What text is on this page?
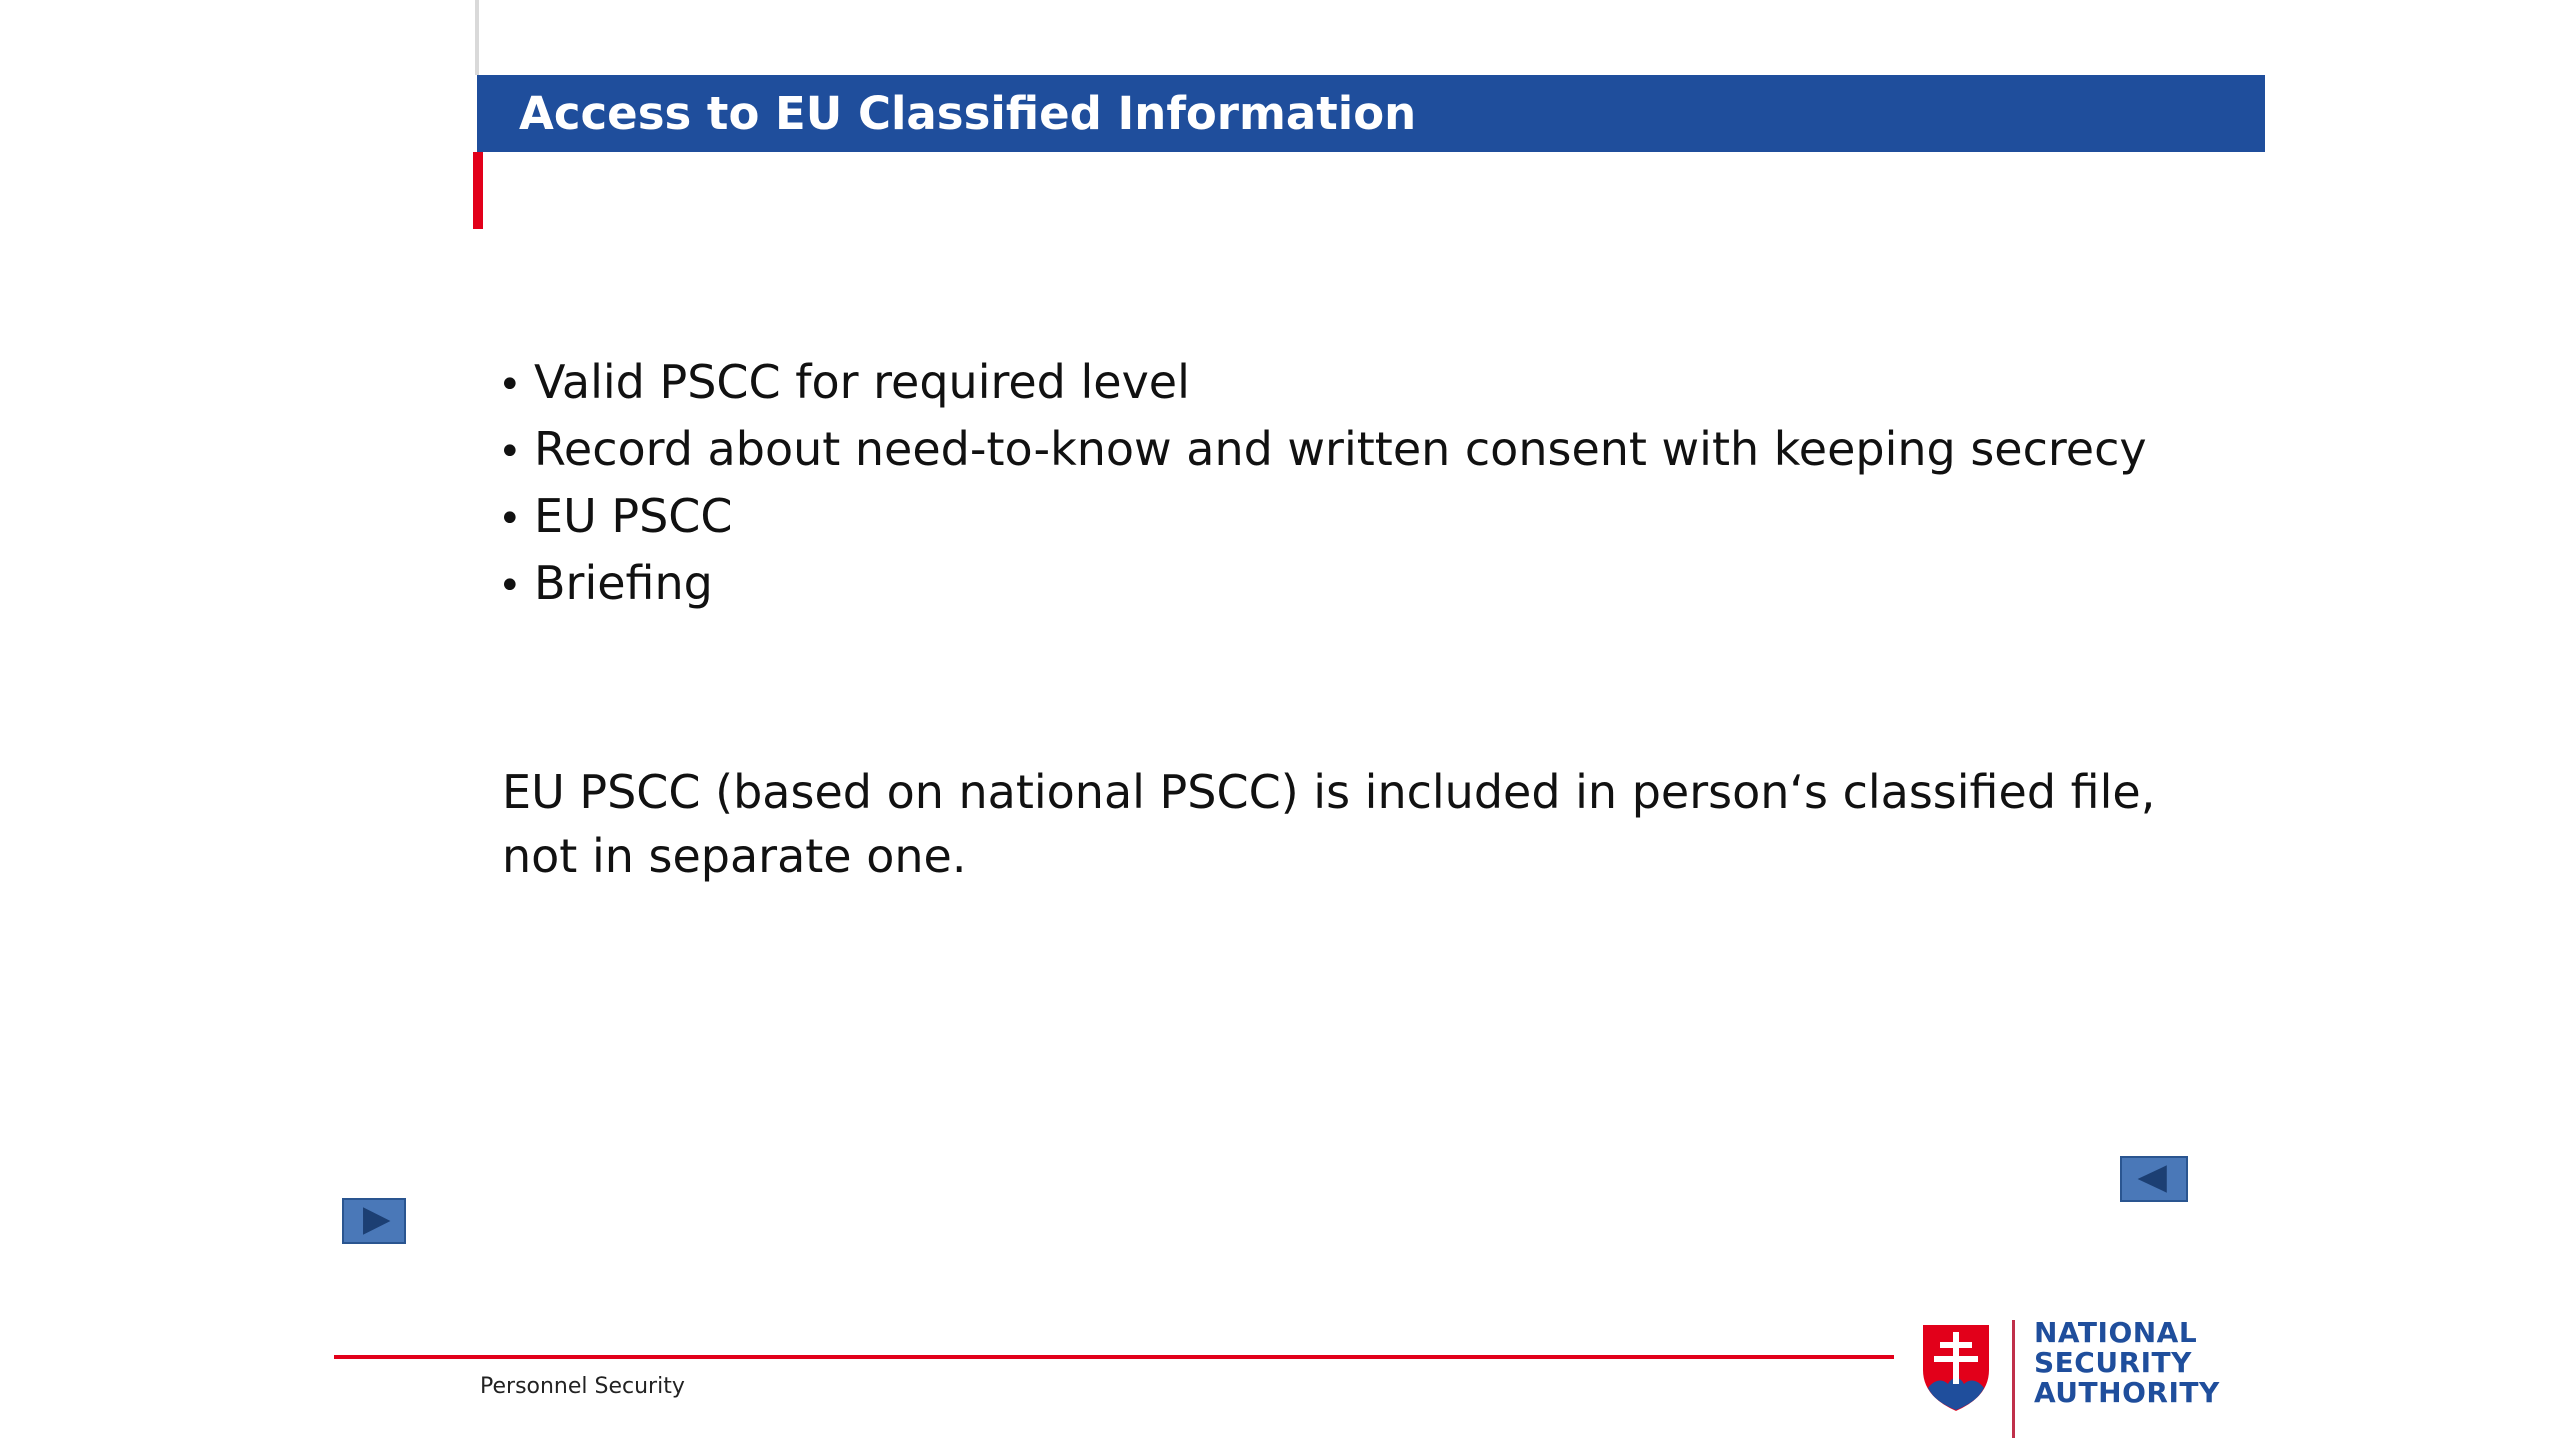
Access to EU Classified Information
• Valid PSCC for required level
• Record about need-to-know and written consent with keeping secrecy
• EU PSCC
• Briefing

EU PSCC (based on national PSCC) is included in person‘s classified file, not in separate one.

Personnel Security
NATIONAL
SECURITY
AUTHORITY
